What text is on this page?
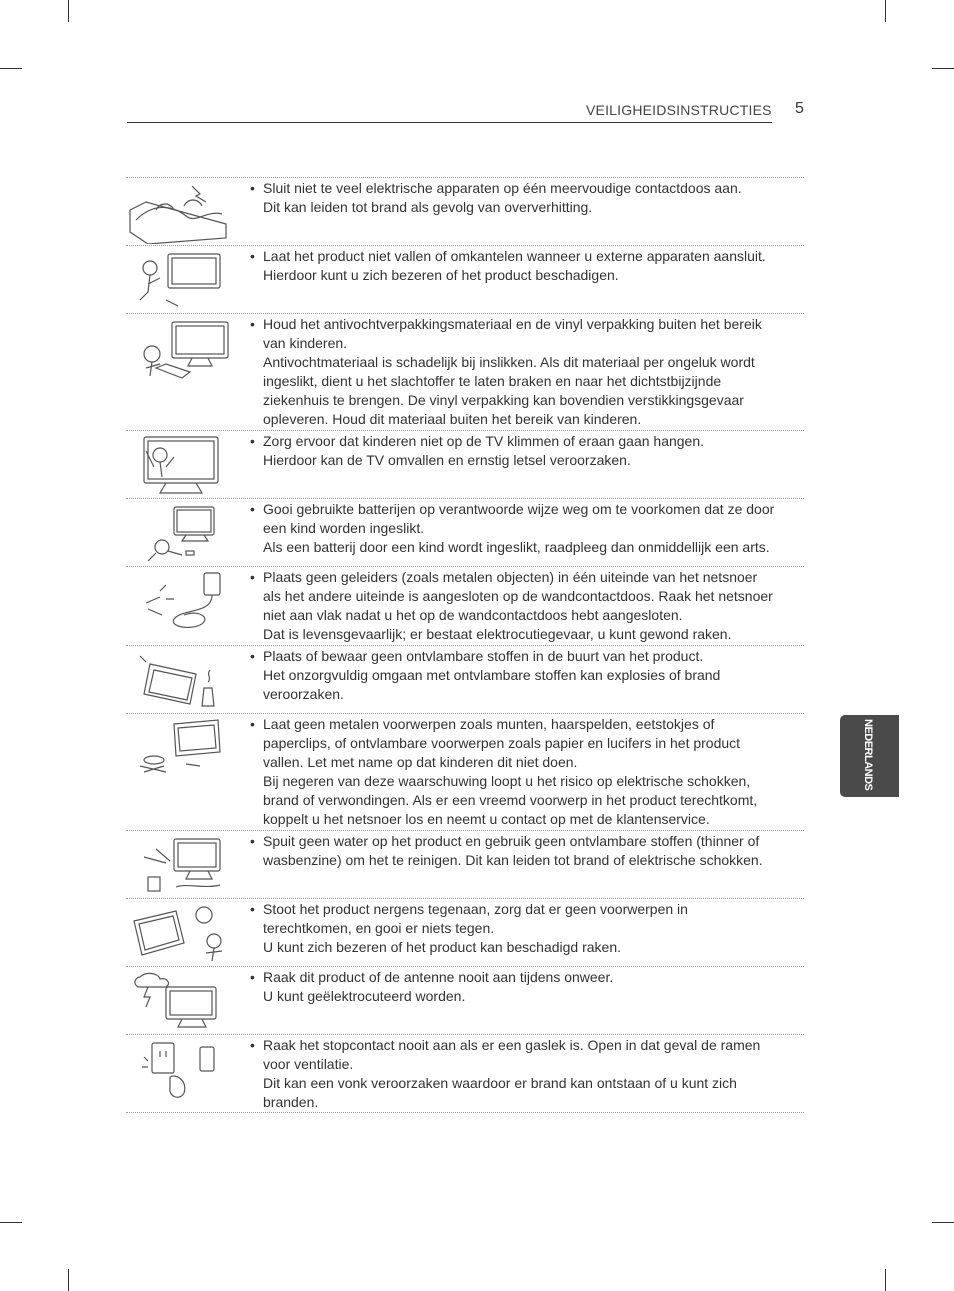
VEILIGHEIDSINSTRUCTIES 5
NEDERLANDS
• Sluit niet te veel elektrische apparaten op één meervoudige contactdoos aan.

Dit kan leiden tot brand als gevolg van oververhitting.

• Laat het product niet vallen of omkantelen wanneer u externe apparaten aansluit.

Hierdoor kunt u zich bezeren of het product beschadigen.

• Houd het antivochtverpakkingsmateriaal en de vinyl verpakking buiten het bereik

van kinderen.

Antivochtmateriaal is schadelijk bij inslikken. Als dit materiaal per ongeluk wordt

ingeslikt, dient u het slachtoffer te laten braken en naar het dichtstbijzijnde

ziekenhuis te brengen. De vinyl verpakking kan bovendien verstikkingsgevaar

opleveren. Houd dit materiaal buiten het bereik van kinderen.

• Zorg ervoor dat kinderen niet op de TV klimmen of eraan gaan hangen.

Hierdoor kan de TV omvallen en ernstig letsel veroorzaken.

• Gooi gebruikte batterijen op verantwoorde wijze weg om te voorkomen dat ze door

een kind worden ingeslikt.

Als een batterij door een kind wordt ingeslikt, raadpleeg dan onmiddellijk een arts.

• Plaats geen geleiders (zoals metalen objecten) in één uiteinde van het netsnoer

als het andere uiteinde is aangesloten op de wandcontactdoos. Raak het netsnoer

niet aan vlak nadat u het op de wandcontactdoos hebt aangesloten.

Dat is levensgevaarlijk; er bestaat elektrocutiegevaar, u kunt gewond raken.

• Plaats of bewaar geen ontvlambare stoffen in de buurt van het product.

Het onzorgvuldig omgaan met ontvlambare stoffen kan explosies of brand

veroorzaken.

• Laat geen metalen voorwerpen zoals munten, haarspelden, eetstokjes of

paperclips, of ontvlambare voorwerpen zoals papier en lucifers in het product

vallen. Let met name op dat kinderen dit niet doen.

Bij negeren van deze waarschuwing loopt u het risico op elektrische schokken,

brand of verwondingen. Als er een vreemd voorwerp in het product terechtkomt,

koppelt u het netsnoer los en neemt u contact op met de klantenservice.

• Spuit geen water op het product en gebruik geen ontvlambare stoffen (thinner of

wasbenzine) om het te reinigen. Dit kan leiden tot brand of elektrische schokken.

• Stoot het product nergens tegenaan, zorg dat er geen voorwerpen in

terechtkomen, en gooi er niets tegen.

U kunt zich bezeren of het product kan beschadigd raken.

• Raak dit product of de antenne nooit aan tijdens onweer.

U kunt geëlektrocuteerd worden.

• Raak het stopcontact nooit aan als er een gaslek is. Open in dat geval de ramen

voor ventilatie.

Dit kan een vonk veroorzaken waardoor er brand kan ontstaan of u kunt zich

branden.
